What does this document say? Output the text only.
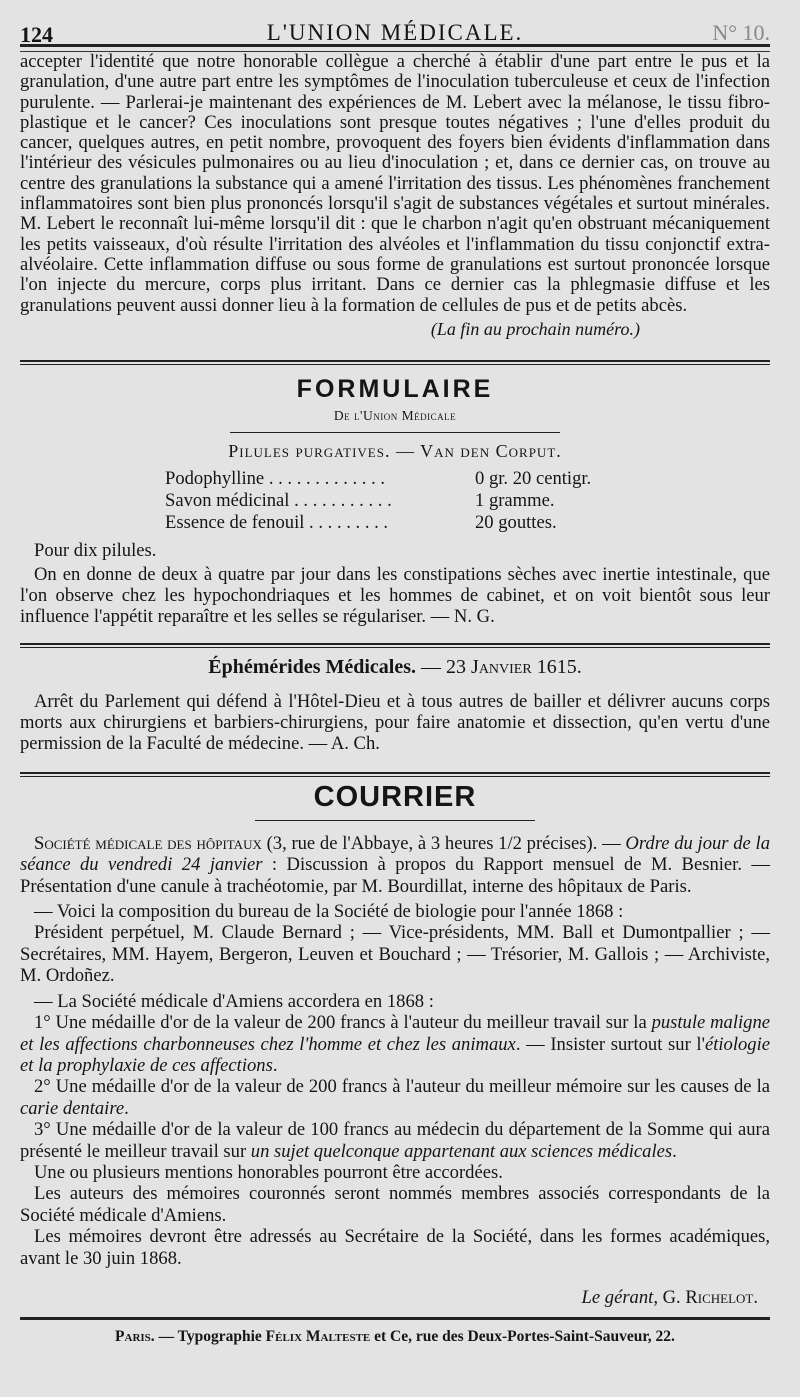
124	L'UNION MÉDICALE.	N° 10.

accepter l'identité que notre honorable collègue a cherché à établir d'une part entre le pus et la granulation, d'une autre part entre les symptômes de l'inoculation tuberculeuse et ceux de l'infection purulente. — Parlerai-je maintenant des expériences de M. Lebert avec la mélanose, le tissu fibro-plastique et le cancer? Ces inoculations sont presque toutes négatives ; l'une d'elles produit du cancer, quelques autres, en petit nombre, provoquent des foyers bien évidents d'inflammation dans l'intérieur des vésicules pulmonaires ou au lieu d'inoculation ; et, dans ce dernier cas, on trouve au centre des granulations la substance qui a amené l'irritation des tissus. Les phénomènes franchement inflammatoires sont bien plus prononcés lorsqu'il s'agit de substances végétales et surtout minérales. M. Lebert le reconnaît lui-même lorsqu'il dit : que le charbon n'agit qu'en obstruant mécaniquement les petits vaisseaux, d'où résulte l'irritation des alvéoles et l'inflammation du tissu conjonctif extra-alvéolaire. Cette inflammation diffuse ou sous forme de granulations est surtout prononcée lorsque l'on injecte du mercure, corps plus irritant. Dans ce dernier cas la phlegmasie diffuse et les granulations peuvent aussi donner lieu à la formation de cellules de pus et de petits abcès.

(La fin au prochain numéro.)

FORMULAIRE
De l'Union Médicale
Pilules purgatives. — Van den Corput.
Podophylline . . . . . . . . . . . . .	0 gr. 20 centigr.
Savon médicinal . . . . . . . . . . .	1 gramme.
Essence de fenouil . . . . . . . . .	20 gouttes.

Pour dix pilules.

On en donne de deux à quatre par jour dans les constipations sèches avec inertie intestinale, que l'on observe chez les hypochondriaques et les hommes de cabinet, et on voit bientôt sous leur influence l'appétit reparaître et les selles se régulariser. — N. G.

Éphémérides Médicales. — 23 Janvier 1615.

Arrêt du Parlement qui défend à l'Hôtel-Dieu et à tous autres de bailler et délivrer aucuns corps morts aux chirurgiens et barbiers-chirurgiens, pour faire anatomie et dissection, qu'en vertu d'une permission de la Faculté de médecine. — A. Ch.

COURRIER

Société médicale des hôpitaux (3, rue de l'Abbaye, à 3 heures 1/2 précises). — Ordre du jour de la séance du vendredi 24 janvier : Discussion à propos du Rapport mensuel de M. Besnier. — Présentation d'une canule à trachéotomie, par M. Bourdillat, interne des hôpitaux de Paris.

— Voici la composition du bureau de la Société de biologie pour l'année 1868 :

Président perpétuel, M. Claude Bernard ; — Vice-présidents, MM. Ball et Dumontpallier ; — Secrétaires, MM. Hayem, Bergeron, Leuven et Bouchard ; — Trésorier, M. Gallois ; — Archiviste, M. Ordoñez.

— La Société médicale d'Amiens accordera en 1868 :

1° Une médaille d'or de la valeur de 200 francs à l'auteur du meilleur travail sur la pustule maligne et les affections charbonneuses chez l'homme et chez les animaux. — Insister surtout sur l'étiologie et la prophylaxie de ces affections.

2° Une médaille d'or de la valeur de 200 francs à l'auteur du meilleur mémoire sur les causes de la carie dentaire.

3° Une médaille d'or de la valeur de 100 francs au médecin du département de la Somme qui aura présenté le meilleur travail sur un sujet quelconque appartenant aux sciences médicales.

Une ou plusieurs mentions honorables pourront être accordées.

Les auteurs des mémoires couronnés seront nommés membres associés correspondants de la Société médicale d'Amiens.

Les mémoires devront être adressés au Secrétaire de la Société, dans les formes académiques, avant le 30 juin 1868.

Le gérant, G. Richelot.
Paris. — Typographie Félix Malteste et Ce, rue des Deux-Portes-Saint-Sauveur, 22.
